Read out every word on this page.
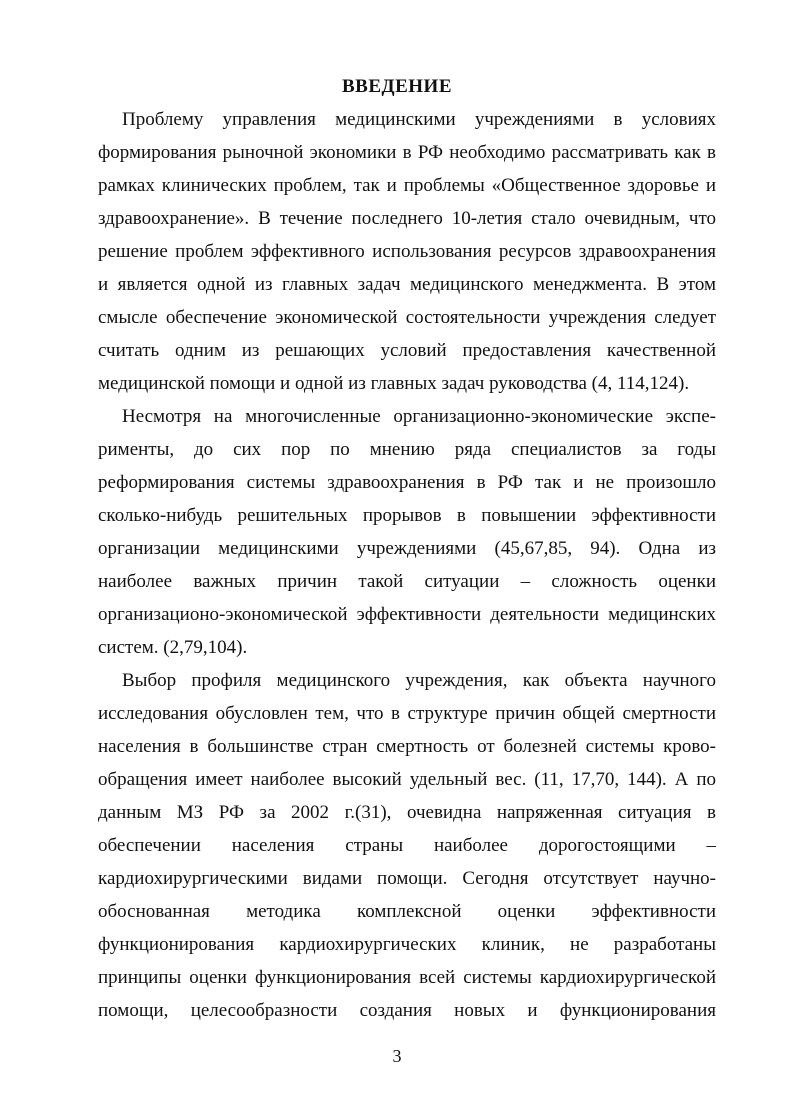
ВВЕДЕНИЕ
Проблему управления медицинскими учреждениями в условиях
формирования рыночной экономики в РФ необходимо рассматривать как в
рамках клинических проблем, так и проблемы «Общественное здоровье и
здравоохранение». В течение последнего 10-летия стало очевидным, что
решение проблем эффективного использования ресурсов здравоохранения
и является одной из главных задач медицинского менеджмента. В этом
смысле обеспечение экономической состоятельности учреждения следует
считать одним из решающих условий предоставления качественной
медицинской помощи и одной из главных задач руководства (4, 114,124).
Несмотря на многочисленные организационно-экономические экспе-
рименты, до сих пор по мнению ряда специалистов за годы
реформирования системы здравоохранения в РФ так и не произошло
сколько-нибудь решительных прорывов в повышении эффективности
организации медицинскими учреждениями (45,67,85, 94). Одна из
наиболее важных причин такой ситуации – сложность оценки
организационо-экономической эффективности деятельности медицинских
систем. (2,79,104).
Выбор профиля медицинского учреждения, как объекта научного
исследования обусловлен тем, что в структуре причин общей смертности
населения в большинстве стран смертность от болезней системы крово-
обращения имеет наиболее высокий удельный вес. (11, 17,70, 144). А по
данным МЗ РФ за 2002 г.(31), очевидна напряженная ситуация в
обеспечении населения страны наиболее дорогостоящими –
кардиохирургическими видами помощи. Сегодня отсутствует научно-
обоснованная методика комплексной оценки эффективности
функционирования кардиохирургических клиник, не разработаны
принципы оценки функционирования всей системы кардиохирургической
помощи, целесообразности создания новых и функционирования
3
